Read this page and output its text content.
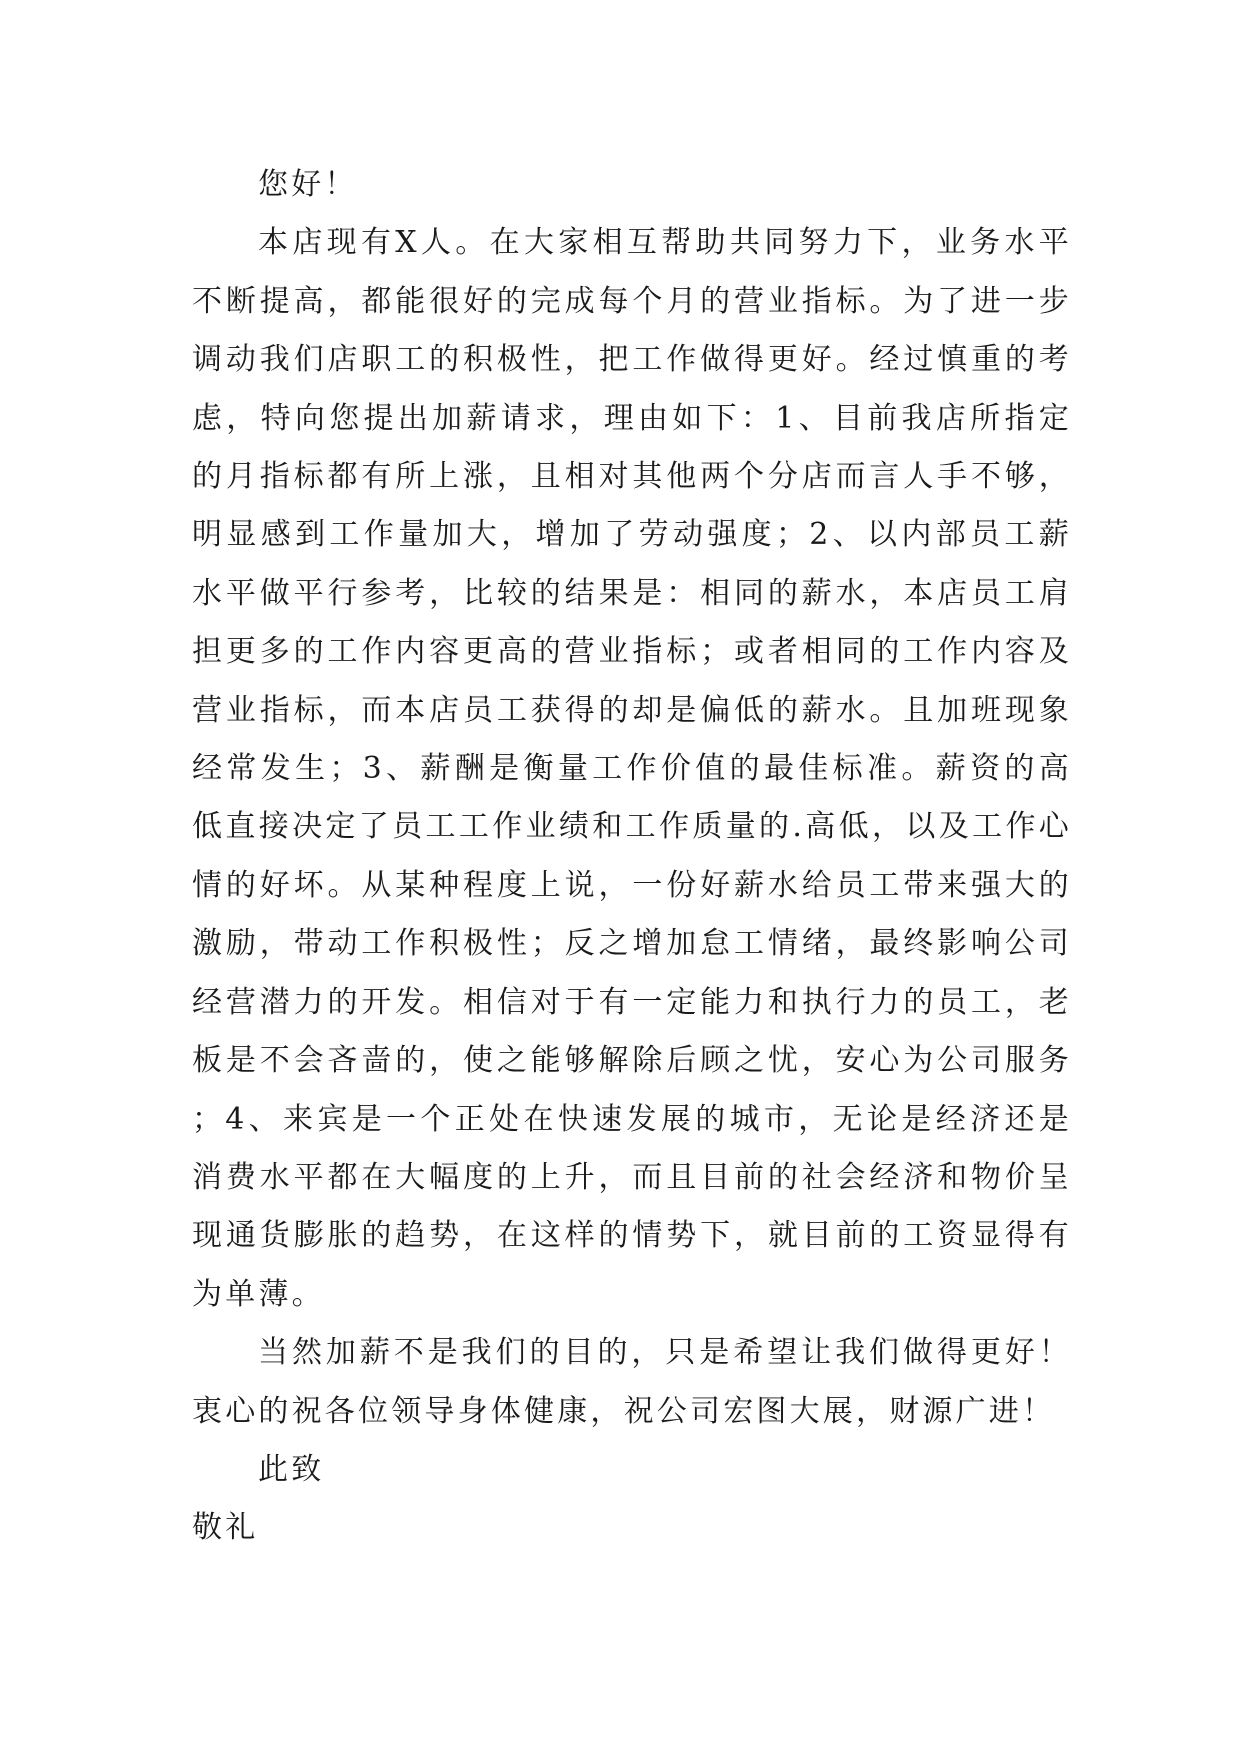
您好！

本店现有X人。在大家相互帮助共同努力下，业务水平不断提高，都能很好的完成每个月的营业指标。为了进一步调动我们店职工的积极性，把工作做得更好。经过慎重的考虑，特向您提出加薪请求，理由如下：1、目前我店所指定的月指标都有所上涨，且相对其他两个分店而言人手不够，明显感到工作量加大，增加了劳动强度；2、以内部员工薪水平做平行参考，比较的结果是：相同的薪水，本店员工肩担更多的工作内容更高的营业指标；或者相同的工作内容及营业指标，而本店员工获得的却是偏低的薪水。且加班现象经常发生；3、薪酬是衡量工作价值的最佳标准。薪资的高低直接决定了员工工作业绩和工作质量的.高低，以及工作心情的好坏。从某种程度上说，一份好薪水给员工带来强大的激励，带动工作积极性；反之增加怠工情绪，最终影响公司经营潜力的开发。相信对于有一定能力和执行力的员工，老板是不会吝啬的，使之能够解除后顾之忧，安心为公司服务；4、来宾是一个正处在快速发展的城市，无论是经济还是消费水平都在大幅度的上升，而且目前的社会经济和物价呈现通货膨胀的趋势，在这样的情势下，就目前的工资显得有为单薄。

当然加薪不是我们的目的，只是希望让我们做得更好！衷心的祝各位领导身体健康，祝公司宏图大展，财源广进！

此致

敬礼
